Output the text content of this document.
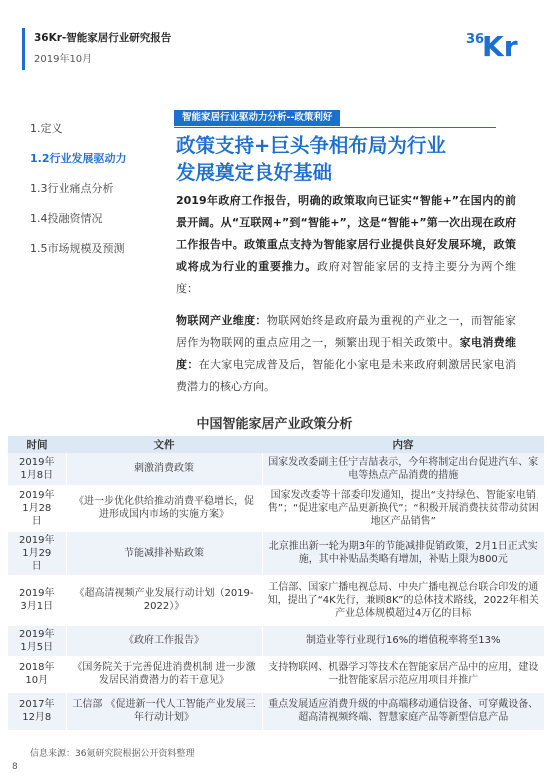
36Kr-智能家居行业研究报告
2019年10月
36
Kr
1.定义
1.2行业发展驱动力
1.3行业痛点分析
1.4投融资情况
1.5市场规模及预测
智能家居行业驱动力分析--政策利好
政策支持+巨头争相布局为行业
发展奠定良好基础

2019年政府工作报告，明确的政策取向已证实“智能+”在国内的前景开阔。从“互联网+”到“智能+”，这是“智能+”第一次出现在政府工作报告中。政策重点支持为智能家居行业提供良好发展环境，政策或将成为行业的重要推力。政府对智能家居的支持主要分为两个维度：

物联网产业维度：物联网始终是政府最为重视的产业之一，而智能家居作为物联网的重点应用之一，频繁出现于相关政策中。家电消费维度：在大家电完成普及后，智能化小家电是未来政府刺激居民家电消费潜力的核心方向。

中国智能家居产业政策分析
时间	文件	内容
2019年
1月8日	刺激消费政策	国家发改委副主任宁吉喆表示，今年将制定出台促进汽车、家电等热点产品消费的措施
2019年
1月28
日	《进一步优化供给推动消费平稳增长，促进形成国内市场的实施方案》	国家发改委等十部委印发通知，提出“支持绿色、智能家电销售”；“促进家电产品更新换代”；“积极开展消费扶贫带动贫困地区产品销售”
2019年
1月29
日	节能减排补贴政策	北京推出新一轮为期3年的节能减排促销政策，2月1日正式实施，其中补贴品类略有增加，补贴上限为800元
2019年
3月1日	《超高清视频产业发展行动计划（2019-2022）》	工信部、国家广播电视总局、中央广播电视总台联合印发的通知，提出了“4K先行，兼顾8K”的总体技术路线，2022年相关产业总体规模超过4万亿的目标
2019年
1月5日	《政府工作报告》	制造业等行业现行16%的增值税率将至13%
2018年
10月	《国务院关于完善促进消费机制 进一步激发居民消费潜力的若干意见》	支持物联网、机器学习等技术在智能家居产品中的应用，建设一批智能家居示范应用项目并推广
2017年
12月8	工信部 《促进新一代人工智能产业发展三年行动计划》	重点发展适应消费升级的中高端移动通信设备、可穿戴设备、超高清视频终端、智慧家庭产品等新型信息产品
信息来源：36氪研究院根据公开资料整理
8
